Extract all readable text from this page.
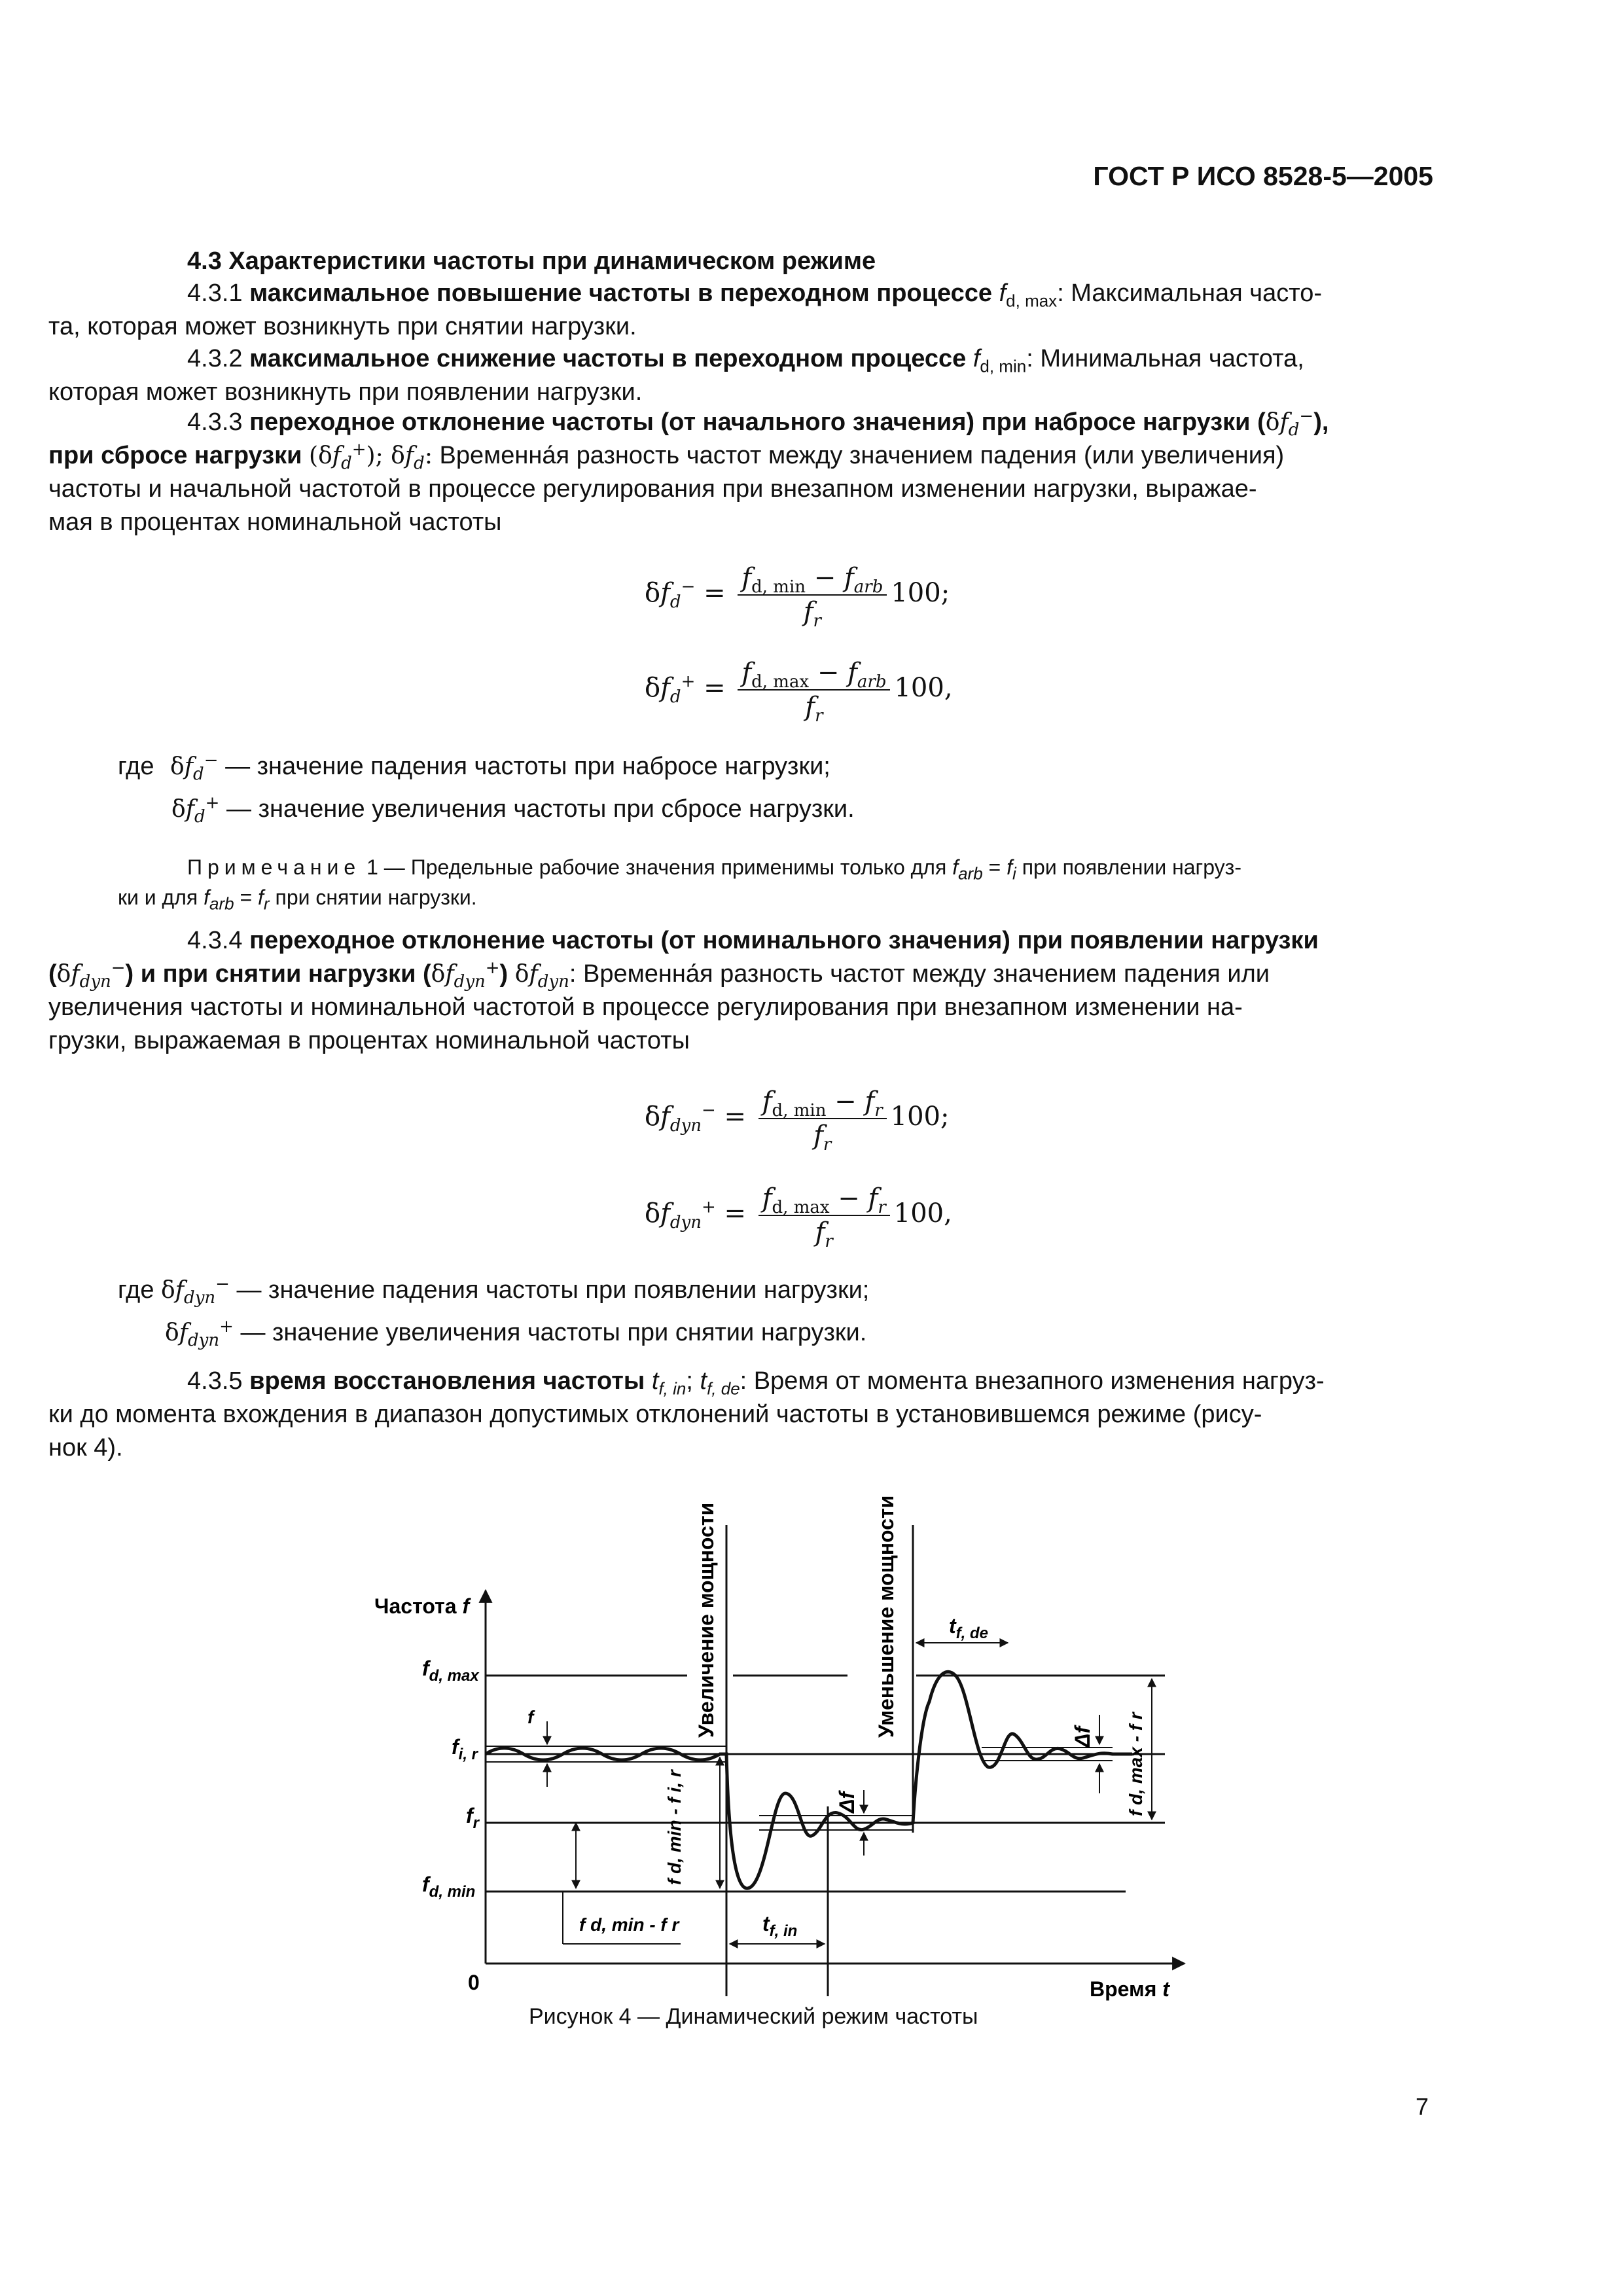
ГОСТ Р ИСО 8528-5—2005
4.3 Характеристики частоты при динамическом режиме
4.3.1 максимальное повышение частоты в переходном процессе $f_{d, max}$: Максимальная часто-
та, которая может возникнуть при снятии нагрузки.
4.3.2 максимальное снижение частоты в переходном процессе $f_{d, min}$: Минимальная частота,
которая может возникнуть при появлении нагрузки.
4.3.3 переходное отклонение частоты (от начального значения) при набросе нагрузки $(\delta f_d^-)$,
при сбросе нагрузки $(\delta f_d^+)$; $\delta f_d$: Временна́я разность частот между значением падения (или увеличения)
частоты и начальной частотой в процессе регулирования при внезапном изменении нагрузки, выражае-
мая в процентах номинальной частоты
$\delta f_d^- = \frac{f_{d, min} - f_{arb}}{f_r} 100$;
$\delta f_d^+ = \frac{f_{d, max} - f_{arb}}{f_r} 100$,
где $\delta f_d^-$ — значение падения частоты при набросе нагрузки;
$\delta f_d^+$ — значение увеличения частоты при сбросе нагрузки.
Примечание 1 — Предельные рабочие значения применимы только для $f_{arb} = f_i$ при появлении нагруз-
ки и для $f_{arb} = f_r$ при снятии нагрузки.
4.3.4 переходное отклонение частоты (от номинального значения) при появлении нагрузки
$(\delta f_{dyn}^-)$ и при снятии нагрузки $(\delta f_{dyn}^+)$ $\delta f_{dyn}$: Временна́я разность частот между значением падения или
увеличения частоты и номинальной частотой в процессе регулирования при внезапном изменении на-
грузки, выражаемая в процентах номинальной частоты
$\delta f_{dyn}^- = \frac{f_{d, min} - f_r}{f_r} 100$;
$\delta f_{dyn}^+ = \frac{f_{d, max} - f_r}{f_r} 100$,
где $\delta f_{dyn}^-$ — значение падения частоты при появлении нагрузки;
$\delta f_{dyn}^+$ — значение увеличения частоты при снятии нагрузки.
4.3.5 время восстановления частоты $t_{f, in}$; $t_{f, de}$: Время от момента внезапного изменения нагруз-
ки до момента вхождения в диапазон допустимых отклонений частоты в установившемся режиме (рису-
нок 4).
Частота f
Время t
0
$f_{d, max}$
$f_{i, r}$
$f_r$
$f_{d, min}$
f
$t_{f, de}$
$t_{f, in}$
f d, min - f r
Увеличение мощности	Уменьшение мощности
f d, min - f i, r
f d, max - f r
Δf
Δf
Рисунок 4 — Динамический режим частоты
7
